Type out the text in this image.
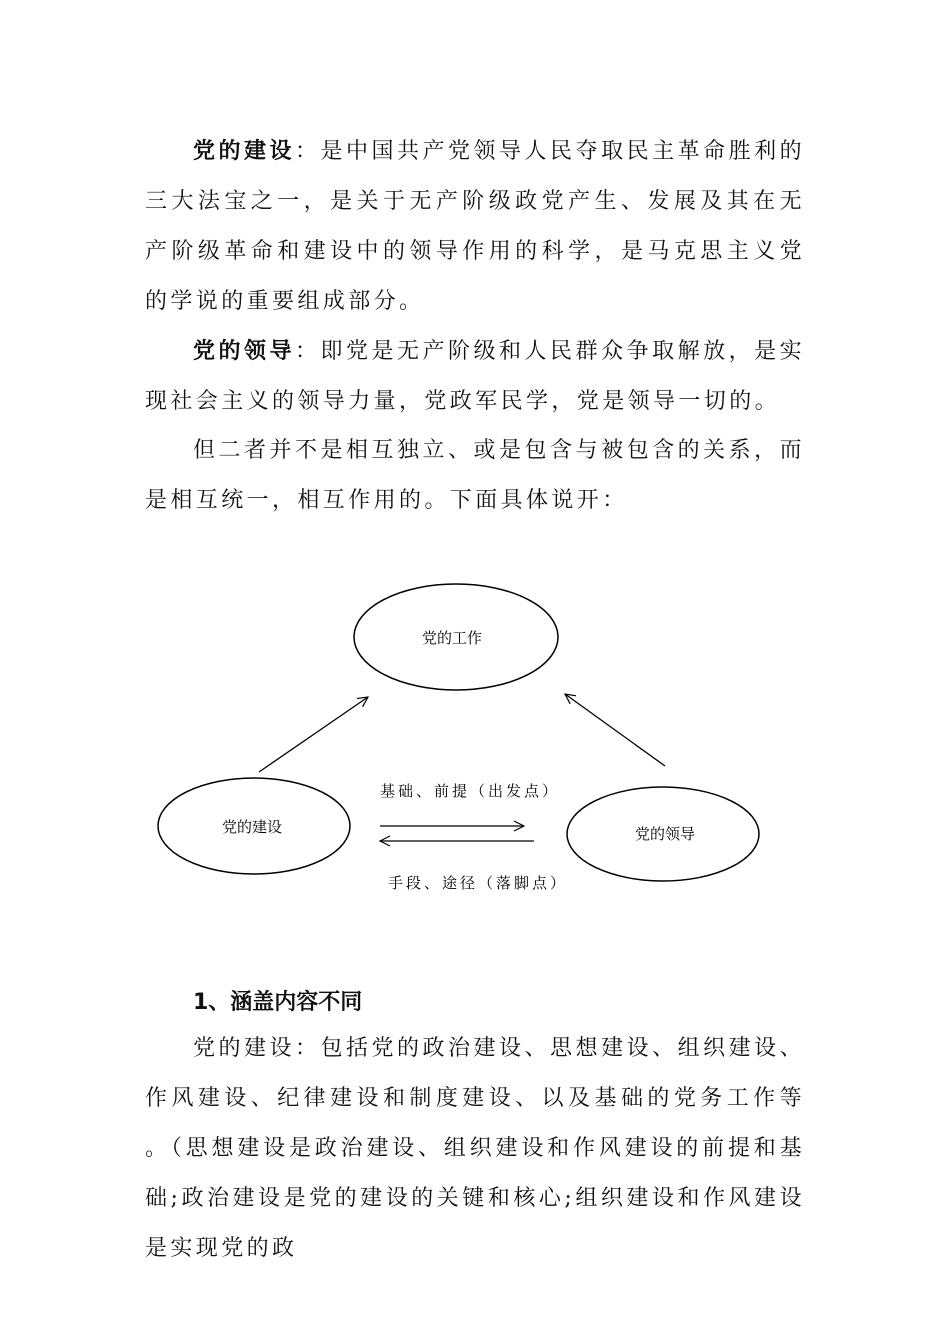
党的建设：是中国共产党领导人民夺取民主革命胜利的三大法宝之一，是关于无产阶级政党产生、发展及其在无产阶级革命和建设中的领导作用的科学，是马克思主义党的学说的重要组成部分。

党的领导：即党是无产阶级和人民群众争取解放，是实现社会主义的领导力量，党政军民学，党是领导一切的。

但二者并不是相互独立、或是包含与被包含的关系，而是相互统一，相互作用的。下面具体说开：

党的工作
党的建设	党的领导
基础、前提（出发点）
手段、途径（落脚点）
1、涵盖内容不同

党的建设：包括党的政治建设、思想建设、组织建设、作风建设、纪律建设和制度建设、以及基础的党务工作等 。（思想建设是政治建设、组织建设和作风建设的前提和基础;政治建设是党的建设的关键和核心;组织建设和作风建设是实现党的政
